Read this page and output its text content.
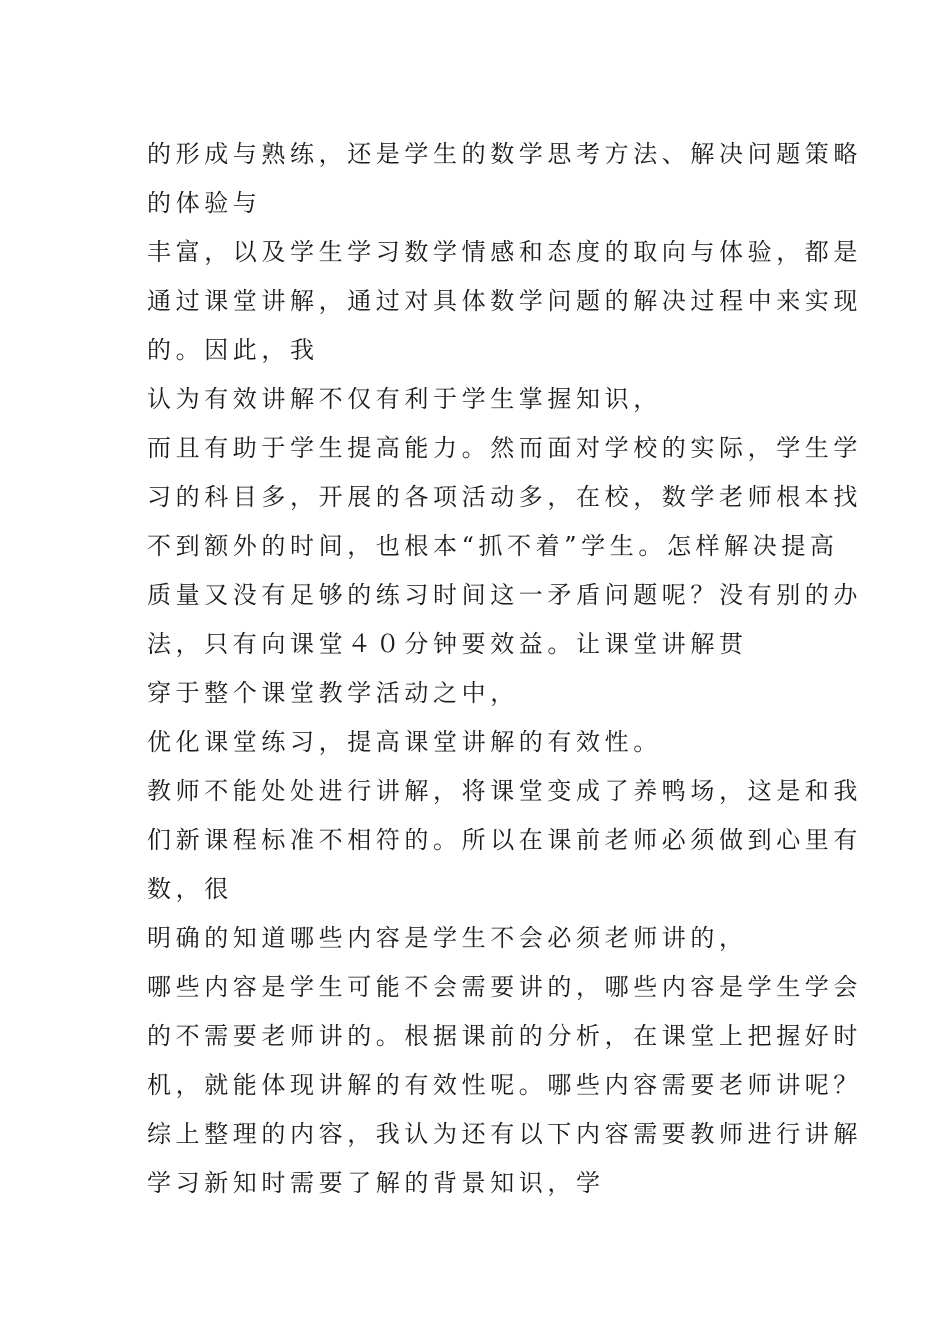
的形成与熟练，还是学生的数学思考方法、解决问题策略
的体验与
丰富，以及学生学习数学情感和态度的取向与体验，都是
通过课堂讲解，通过对具体数学问题的解决过程中来实现
的。因此，我
认为有效讲解不仅有利于学生掌握知识，
而且有助于学生提高能力。然而面对学校的实际，学生学
习的科目多，开展的各项活动多，在校，数学老师根本找
不到额外的时间，也根本“抓不着”学生。怎样解决提高
质量又没有足够的练习时间这一矛盾问题呢？没有别的办
法，只有向课堂４０分钟要效益。让课堂讲解贯
穿于整个课堂教学活动之中，
优化课堂练习，提高课堂讲解的有效性。
教师不能处处进行讲解，将课堂变成了养鸭场，这是和我
们新课程标准不相符的。所以在课前老师必须做到心里有
数，很
明确的知道哪些内容是学生不会必须老师讲的，
哪些内容是学生可能不会需要讲的，哪些内容是学生学会
的不需要老师讲的。根据课前的分析，在课堂上把握好时
机，就能体现讲解的有效性呢。哪些内容需要老师讲呢？
综上整理的内容，我认为还有以下内容需要教师进行讲解
学习新知时需要了解的背景知识，学
